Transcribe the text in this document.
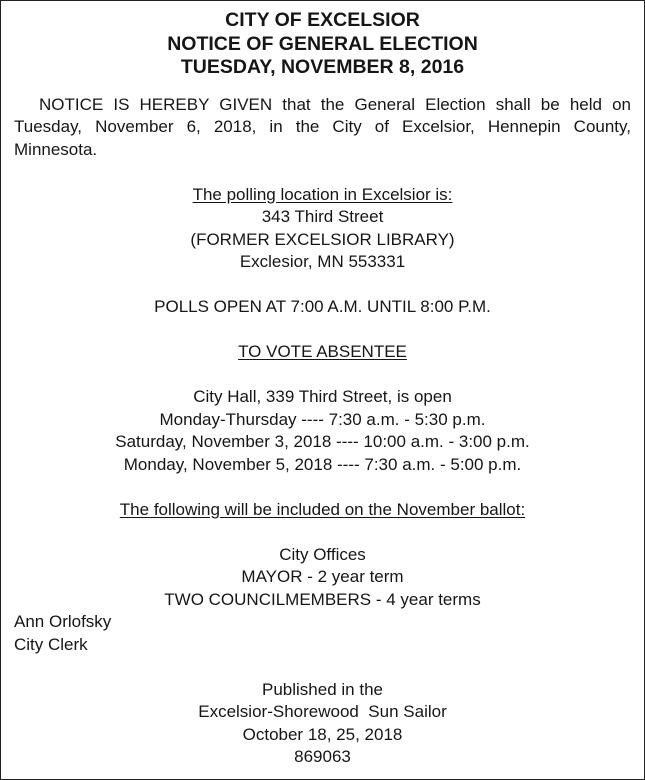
CITY OF EXCELSIOR
NOTICE OF GENERAL ELECTION
TUESDAY, NOVEMBER 8, 2016
NOTICE IS HEREBY GIVEN that the General Election shall be held on Tuesday, November 6, 2018, in the City of Excelsior, Hennepin County, Minnesota.
The polling location in Excelsior is:
343 Third Street
(FORMER EXCELSIOR LIBRARY)
Exclesior, MN 553331
POLLS OPEN AT 7:00 A.M. UNTIL 8:00 P.M.
TO VOTE ABSENTEE
City Hall, 339 Third Street, is open
Monday-Thursday ---- 7:30 a.m. - 5:30 p.m.
Saturday, November 3, 2018 ---- 10:00 a.m. - 3:00 p.m.
Monday, November 5, 2018 ---- 7:30 a.m. - 5:00 p.m.
The following will be included on the November ballot:
City Offices
MAYOR - 2 year term
TWO COUNCILMEMBERS - 4 year terms
Ann Orlofsky
City Clerk
Published in the
Excelsior-Shorewood  Sun Sailor
October 18, 25, 2018
869063
